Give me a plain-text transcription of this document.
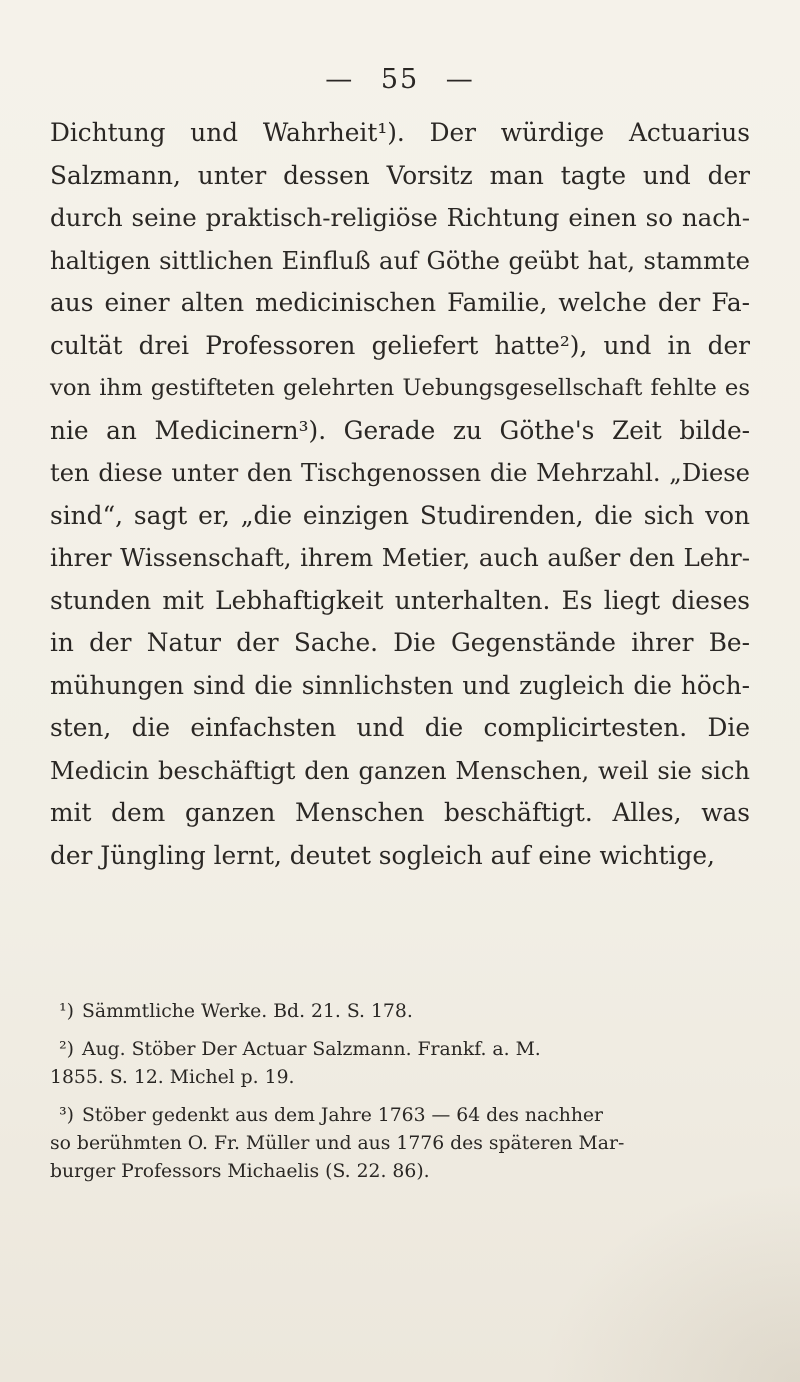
— 55 —
Dichtung und Wahrheit¹). Der würdige Actuarius
Salzmann, unter dessen Vorsitz man tagte und der
durch seine praktisch-religiöse Richtung einen so nach-
haltigen sittlichen Einfluß auf Göthe geübt hat, stammte
aus einer alten medicinischen Familie, welche der Fa-
cultät drei Professoren geliefert hatte²), und in der
von ihm gestifteten gelehrten Uebungsgesellschaft fehlte es
nie an Medicinern³). Gerade zu Göthe's Zeit bilde-
ten diese unter den Tischgenossen die Mehrzahl. „Diese
sind“, sagt er, „die einzigen Studirenden, die sich von
ihrer Wissenschaft, ihrem Metier, auch außer den Lehr-
stunden mit Lebhaftigkeit unterhalten. Es liegt dieses
in der Natur der Sache. Die Gegenstände ihrer Be-
mühungen sind die sinnlichsten und zugleich die höch-
sten, die einfachsten und die complicirtesten. Die
Medicin beschäftigt den ganzen Menschen, weil sie sich
mit dem ganzen Menschen beschäftigt. Alles, was
der Jüngling lernt, deutet sogleich auf eine wichtige,
¹) Sämmtliche Werke. Bd. 21. S. 178.
²) Aug. Stöber Der Actuar Salzmann. Frankf. a. M.
1855. S. 12. Michel p. 19.
³) Stöber gedenkt aus dem Jahre 1763 — 64 des nachher
so berühmten O. Fr. Müller und aus 1776 des späteren Mar-
burger Professors Michaelis (S. 22. 86).
